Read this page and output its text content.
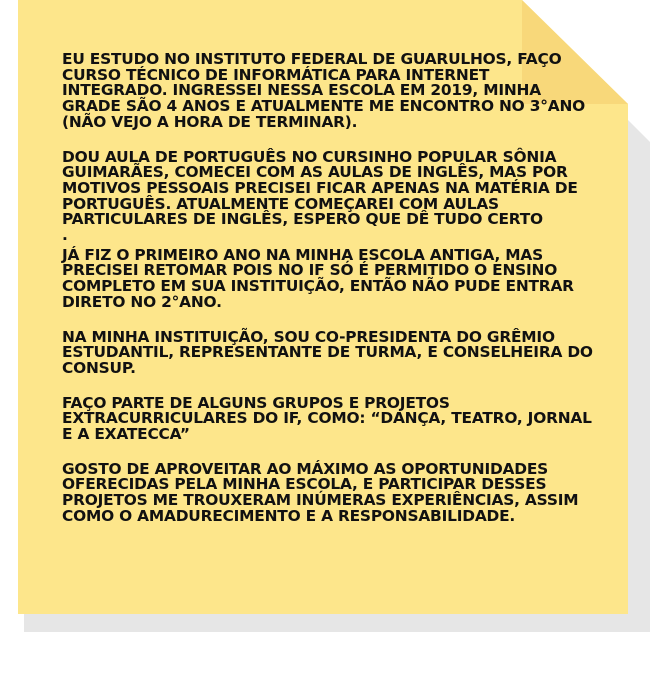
EU ESTUDO NO INSTITUTO FEDERAL DE GUARULHOS, FAÇO CURSO TÉCNICO DE INFORMÁTICA PARA INTERNET INTEGRADO. INGRESSEI NESSA ESCOLA EM 2019, MINHA GRADE SÃO 4 ANOS E ATUALMENTE ME ENCONTRO NO 3°ANO (NÃO VEJO A HORA DE TERMINAR).

DOU AULA DE PORTUGUÊS NO CURSINHO POPULAR SÔNIA GUIMARÃES, COMECEI COM AS AULAS DE INGLÊS, MAS POR MOTIVOS PESSOAIS PRECISEI FICAR APENAS NA MATÉRIA DE PORTUGUÊS. ATUALMENTE COMEÇAREI COM AULAS PARTICULARES DE INGLÊS, ESPERO QUE DÊ TUDO CERTO
.

JÁ FIZ O PRIMEIRO ANO NA MINHA ESCOLA ANTIGA, MAS PRECISEI RETOMAR POIS NO IF SÓ É PERMITIDO O ENSINO COMPLETO EM SUA INSTITUIÇÃO, ENTÃO NÃO PUDE ENTRAR DIRETO NO 2°ANO.

NA MINHA INSTITUIÇÃO, SOU CO-PRESIDENTA DO GRÊMIO ESTUDANTIL, REPRESENTANTE DE TURMA, E CONSELHEIRA DO CONSUP.

FAÇO PARTE DE ALGUNS GRUPOS E PROJETOS EXTRACURRICULARES DO IF, COMO: “DANÇA, TEATRO, JORNAL E A EXATECCA”

GOSTO DE APROVEITAR AO MÁXIMO AS OPORTUNIDADES OFERECIDAS PELA MINHA ESCOLA, E PARTICIPAR DESSES PROJETOS ME TROUXERAM INÚMERAS EXPERIÊNCIAS, ASSIM COMO O AMADURECIMENTO E A RESPONSABILIDADE.
